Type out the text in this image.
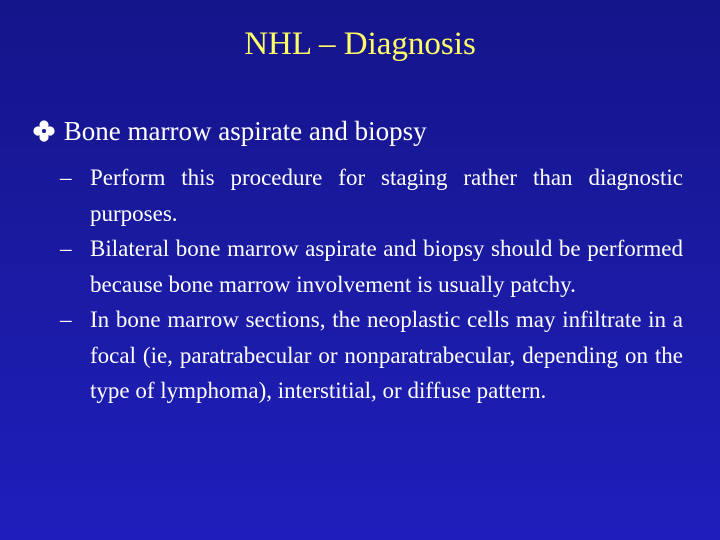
NHL – Diagnosis
Bone marrow aspirate and biopsy
– Perform this procedure for staging rather than diagnostic purposes.
– Bilateral bone marrow aspirate and biopsy should be performed because bone marrow involvement is usually patchy.
– In bone marrow sections, the neoplastic cells may infiltrate in a focal (ie, paratrabecular or nonparatrabecular, depending on the type of lymphoma), interstitial, or diffuse pattern.
